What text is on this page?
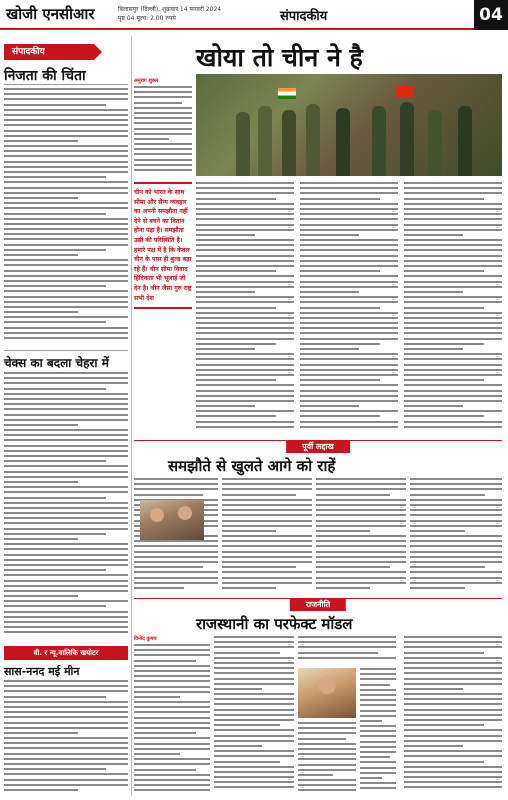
खोजी एनसीआर	बिलासपुर (दिल्ली), शुक्रवार 14 फरवरी 2024
पृष्ठ 04 मूल्य: 2.00 रुपये	संपादकीय	04
संपादकीय
निजता की चिंता
चेक्स का बदला चेहरा में
वी. र न्यू.वालिकि खयोटर
सास-ननद मई मीन
खोया तो चीन ने है
अनुराग शुक्ल
चीन को भारत के साथ सीमा और सैन्य व्यवहार का अपनी समझौता नहीं देने से बचने का वितान होना पड़ा है। समझौता उसी की परिस्थिति है। हमारे पक्ष में है कि केवल चीन के पास ही बुल्ड बढ़ा रहे हैं। चीन सीमा विवाद हिंदिकता भी भूलाई जी देन है। चीन जैसा गुरु राष्ट्र सभी देश
पूर्वी लद्दाख
समझौते से खुलते आगे को राहें
राजनीति
राजस्थानी का परफेक्ट मॉडल
विनोद कुमार
